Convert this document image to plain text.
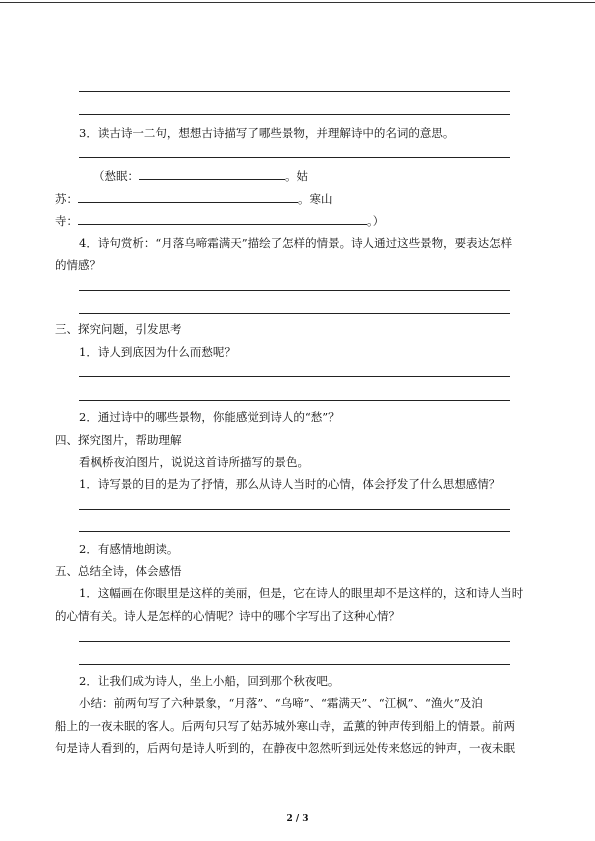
3．读古诗一二句，想想古诗描写了哪些景物，并理解诗中的名词的意思。
（愁眠：	。姑
苏：	。寒山
寺：	。）
4．诗句赏析：“月落乌啼霜满天”描绘了怎样的情景。诗人通过这些景物，要表达怎样
的情感？
三、探究问题，引发思考
1．诗人到底因为什么而愁呢？
2．通过诗中的哪些景物，你能感觉到诗人的“愁”？
四、探究图片，帮助理解
看枫桥夜泊图片，说说这首诗所描写的景色。
1．诗写景的目的是为了抒情，那么从诗人当时的心情，体会抒发了什么思想感情？
2．有感情地朗读。
五、总结全诗，体会感悟
1．这幅画在你眼里是这样的美丽，但是，它在诗人的眼里却不是这样的，这和诗人当时
的心情有关。诗人是怎样的心情呢？诗中的哪个字写出了这种心情？
2．让我们成为诗人，坐上小船，回到那个秋夜吧。
小结：前两句写了六种景象，“月落”、“乌啼”、“霜满天”、“江枫”、“渔火”及泊
船上的一夜未眠的客人。后两句只写了姑苏城外寒山寺，孟薰的钟声传到船上的情景。前两
句是诗人看到的，后两句是诗人听到的，在静夜中忽然听到远处传来悠远的钟声，一夜未眠
2 / 3
